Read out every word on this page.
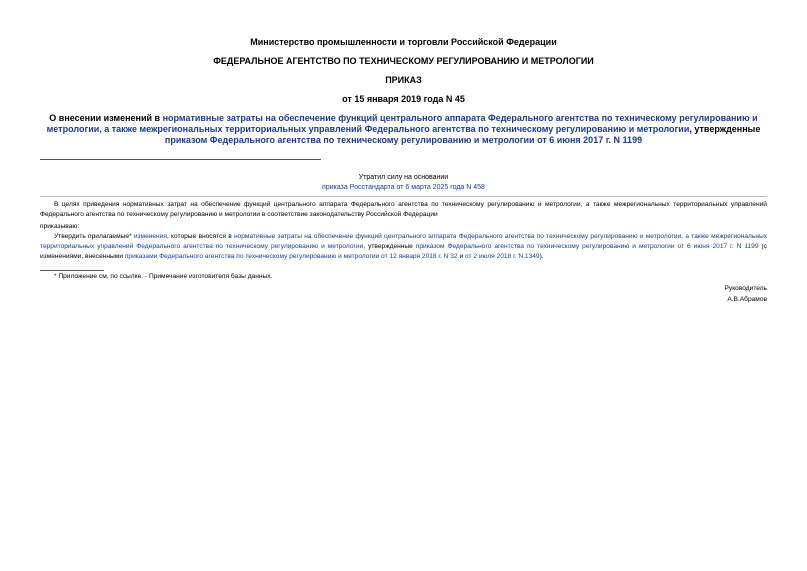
Министерство промышленности и торговли Российской Федерации
ФЕДЕРАЛЬНОЕ АГЕНТСТВО ПО ТЕХНИЧЕСКОМУ РЕГУЛИРОВАНИЮ И МЕТРОЛОГИИ
ПРИКАЗ
от 15 января 2019 года N 45
О внесении изменений в нормативные затраты на обеспечение функций центрального аппарата Федерального агентства по техническому регулированию и метрологии, а также межрегиональных территориальных управлений Федерального агентства по техническому регулированию и метрологии, утвержденные приказом Федерального агентства по техническому регулированию и метрологии от 6 июня 2017 г. N 1199
Утратил силу на основании
приказа Росстандарта от 6 марта 2025 года N 458
В целях приведения нормативных затрат на обеспечение функций центрального аппарата Федерального агентства по техническому регулированию и метрологии, а также межрегиональных территориальных управлений Федерального агентства по техническому регулированию и метрологии в соответствие законодательству Российской Федерации
приказываю:
Утвердить прилагаемые* изменения, которые вносятся в нормативные затраты на обеспечение функций центрального аппарата Федерального агентства по техническому регулированию и метрологии, а также межрегиональных территориальных управлений Федерального агентства по техническому регулированию и метрологии, утвержденные приказом Федерального агентства по техническому регулированию и метрологии от 6 июня 2017 г. N 1199 (с изменениями, внесенными приказами Федерального агентства по техническому регулированию и метрологии от 12 января 2018 г. N 32 и от 2 июля 2018 г. N 1349).
* Приложение см. по ссылке. - Примечание изготовителя базы данных.
Руководитель
А.В.Абрамов
